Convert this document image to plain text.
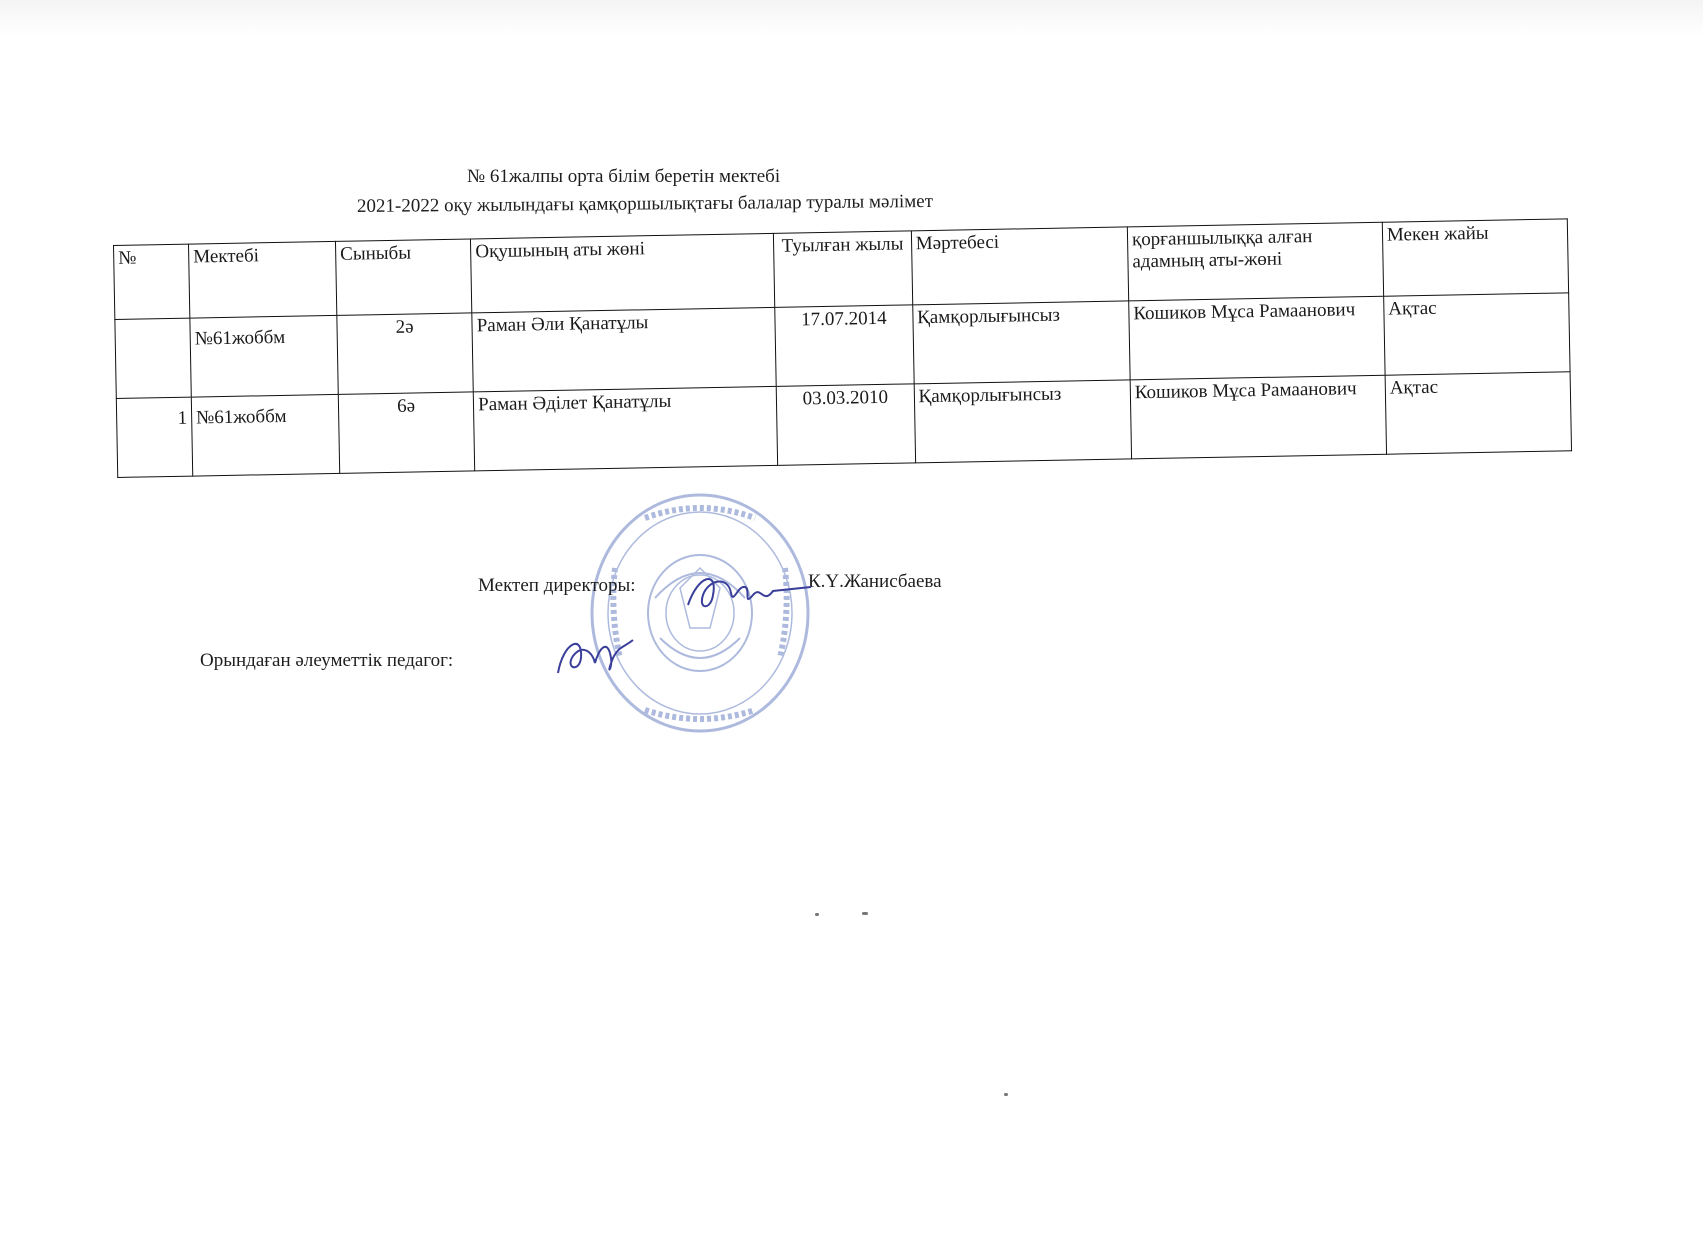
№ 61жалпы орта білім беретін мектебі
2021-2022 оқу жылындағы қамқоршылықтағы балалар туралы мәлімет
№	Мектебі	Сыныбы	Оқушының аты жөні	Туылған жылы	Мәртебесі	қорғаншылыққа алған адамның аты-жөні	Мекен жайы
	№61жоббм	2ә	Раман Әли Қанатұлы	17.07.2014	Қамқорлығынсыз	Кошиков Мұса Рамаанович	Ақтас
1	№61жоббм	6ә	Раман Әділет Қанатұлы	03.03.2010	Қамқорлығынсыз	Кошиков Мұса Рамаанович	Ақтас
Мектеп директоры:	К.Ү.Жанисбаева
Орындаған әлеуметтік педагог:
